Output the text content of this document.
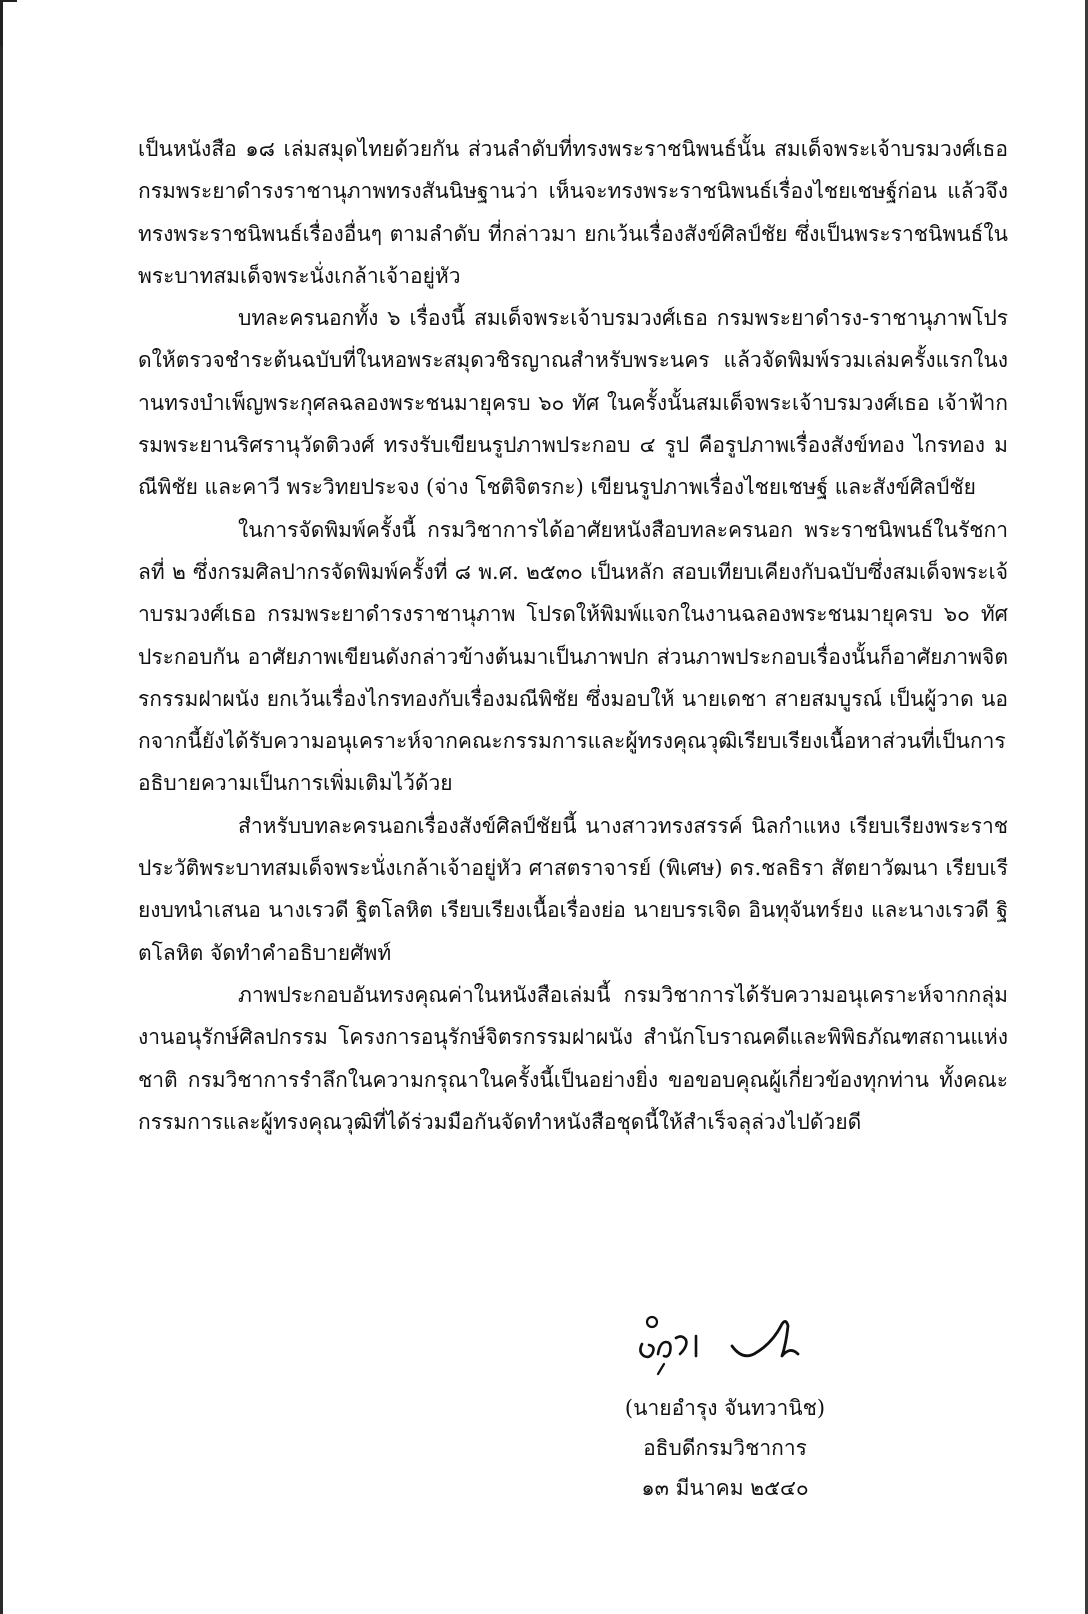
เป็นหนังสือ ๑๘ เล่มสมุดไทยด้วยกัน ส่วนลำดับที่ทรงพระราชนิพนธ์นั้น สมเด็จพระเจ้าบรมวงศ์เธอ กรมพระยาดำรงราชานุภาพทรงสันนิษฐานว่า เห็นจะทรงพระราชนิพนธ์เรื่องไชยเชษฐ์ก่อน แล้วจึงทรงพระราชนิพนธ์เรื่องอื่นๆ ตามลำดับ ที่กล่าวมา ยกเว้นเรื่องสังข์ศิลป์ชัย ซึ่งเป็นพระราชนิพนธ์ในพระบาทสมเด็จพระนั่งเกล้าเจ้าอยู่หัว

บทละครนอกทั้ง ๖ เรื่องนี้ สมเด็จพระเจ้าบรมวงศ์เธอ กรมพระยาดำรง-ราชานุภาพโปรดให้ตรวจชำระต้นฉบับที่ในหอพระสมุดวชิรญาณสำหรับพระนคร แล้วจัดพิมพ์รวมเล่มครั้งแรกในงานทรงบำเพ็ญพระกุศลฉลองพระชนมายุครบ ๖๐ ทัศ ในครั้งนั้นสมเด็จพระเจ้าบรมวงศ์เธอ เจ้าฟ้ากรมพระยานริศรานุวัดติวงศ์ ทรงรับเขียนรูปภาพประกอบ ๔ รูป คือรูปภาพเรื่องสังข์ทอง ไกรทอง มณีพิชัย และคาวี พระวิทยประจง (จ่าง โชติจิตรกะ) เขียนรูปภาพเรื่องไชยเชษฐ์ และสังข์ศิลป์ชัย

ในการจัดพิมพ์ครั้งนี้ กรมวิชาการได้อาศัยหนังสือบทละครนอก พระราชนิพนธ์ในรัชกาลที่ ๒ ซึ่งกรมศิลปากรจัดพิมพ์ครั้งที่ ๘ พ.ศ. ๒๕๓๐ เป็นหลัก สอบเทียบเคียงกับฉบับซึ่งสมเด็จพระเจ้าบรมวงศ์เธอ กรมพระยาดำรงราชานุภาพ โปรดให้พิมพ์แจกในงานฉลองพระชนมายุครบ ๖๐ ทัศ ประกอบกัน อาศัยภาพเขียนดังกล่าวข้างต้นมาเป็นภาพปก ส่วนภาพประกอบเรื่องนั้นก็อาศัยภาพจิตรกรรมฝาผนัง ยกเว้นเรื่องไกรทองกับเรื่องมณีพิชัย ซึ่งมอบให้ นายเดชา สายสมบูรณ์ เป็นผู้วาด นอกจากนี้ยังได้รับความอนุเคราะห์จากคณะกรรมการและผู้ทรงคุณวุฒิเรียบเรียงเนื้อหาส่วนที่เป็นการอธิบายความเป็นการเพิ่มเติมไว้ด้วย

สำหรับบทละครนอกเรื่องสังข์ศิลป์ชัยนี้ นางสาวทรงสรรค์ นิลกำแหง เรียบเรียงพระราชประวัติพระบาทสมเด็จพระนั่งเกล้าเจ้าอยู่หัว ศาสตราจารย์ (พิเศษ) ดร.ชลธิรา สัตยาวัฒนา เรียบเรียงบทนำเสนอ นางเรวดี ฐิตโลหิต เรียบเรียงเนื้อเรื่องย่อ นายบรรเจิด อินทุจันทร์ยง และนางเรวดี ฐิตโลหิต จัดทำคำอธิบายศัพท์

ภาพประกอบอันทรงคุณค่าในหนังสือเล่มนี้ กรมวิชาการได้รับความอนุเคราะห์จากกลุ่มงานอนุรักษ์ศิลปกรรม โครงการอนุรักษ์จิตรกรรมฝาผนัง สำนักโบราณคดีและพิพิธภัณฑสถานแห่งชาติ กรมวิชาการรำลึกในความกรุณาในครั้งนี้เป็นอย่างยิ่ง ขอขอบคุณผู้เกี่ยวข้องทุกท่าน ทั้งคณะกรรมการและผู้ทรงคุณวุฒิที่ได้ร่วมมือกันจัดทำหนังสือชุดนี้ให้สำเร็จลุล่วงไปด้วยดี

(นายอำรุง จันทวานิช)

อธิบดีกรมวิชาการ

๑๓ มีนาคม ๒๕๔๐
